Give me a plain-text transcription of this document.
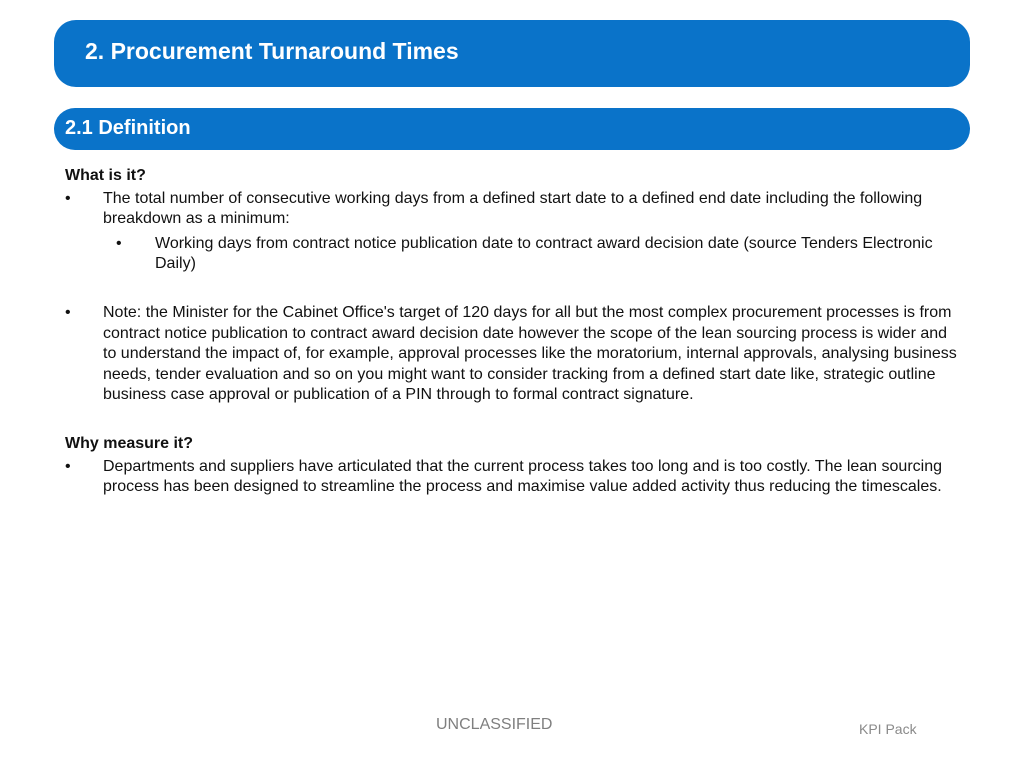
2. Procurement Turnaround Times
2.1 Definition

What is it?

• The total number of consecutive working days from a defined start date to a defined end date including the following breakdown as a minimum:

• Working days from contract notice publication date to contract award decision date (source Tenders Electronic Daily)

• Note: the Minister for the Cabinet Office's target of 120 days for all but the most complex procurement processes is from contract notice publication to contract award decision date however the scope of the lean sourcing process is wider and to understand the impact of, for example, approval processes like the moratorium, internal approvals, analysing business needs, tender evaluation and so on you might want to consider tracking from a defined start date like, strategic outline business case approval or publication of a PIN through to formal contract signature.

Why measure it?

• Departments and suppliers have articulated that the current process takes too long and is too costly. The lean sourcing process has been designed to streamline the process and maximise value added activity thus reducing the timescales.

UNCLASSIFIED	KPI Pack
